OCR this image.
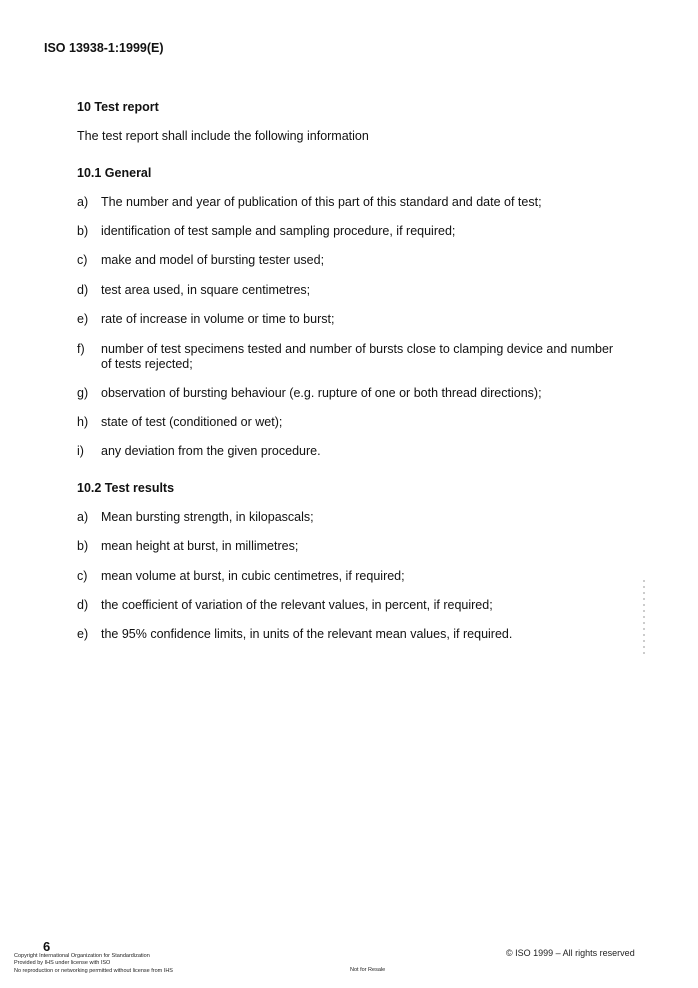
ISO 13938-1:1999(E)
10 Test report
The test report shall include the following information
10.1 General
a)	The number and year of publication of this part of this standard and date of test;
b)	identification of test sample and sampling procedure, if required;
c)	make and model of bursting tester used;
d)	test area used, in square centimetres;
e)	rate of increase in volume or time to burst;
f)	number of test specimens tested and number of bursts close to clamping device and number of tests rejected;
g)	observation of bursting behaviour (e.g. rupture of one or both thread directions);
h)	state of test (conditioned or wet);
i)	any deviation from the given procedure.
10.2 Test results
a)	Mean bursting strength, in kilopascals;
b)	mean height at burst, in millimetres;
c)	mean volume at burst, in cubic centimetres, if required;
d)	the coefficient of variation of the relevant values, in percent, if required;
e)	the 95% confidence limits, in units of the relevant mean values, if required.
6
Copyright International Organization for Standardization
Provided by IHS under license with ISO
No reproduction or networking permitted without license from IHS	Not for Resale
© ISO 1999 – All rights reserved
